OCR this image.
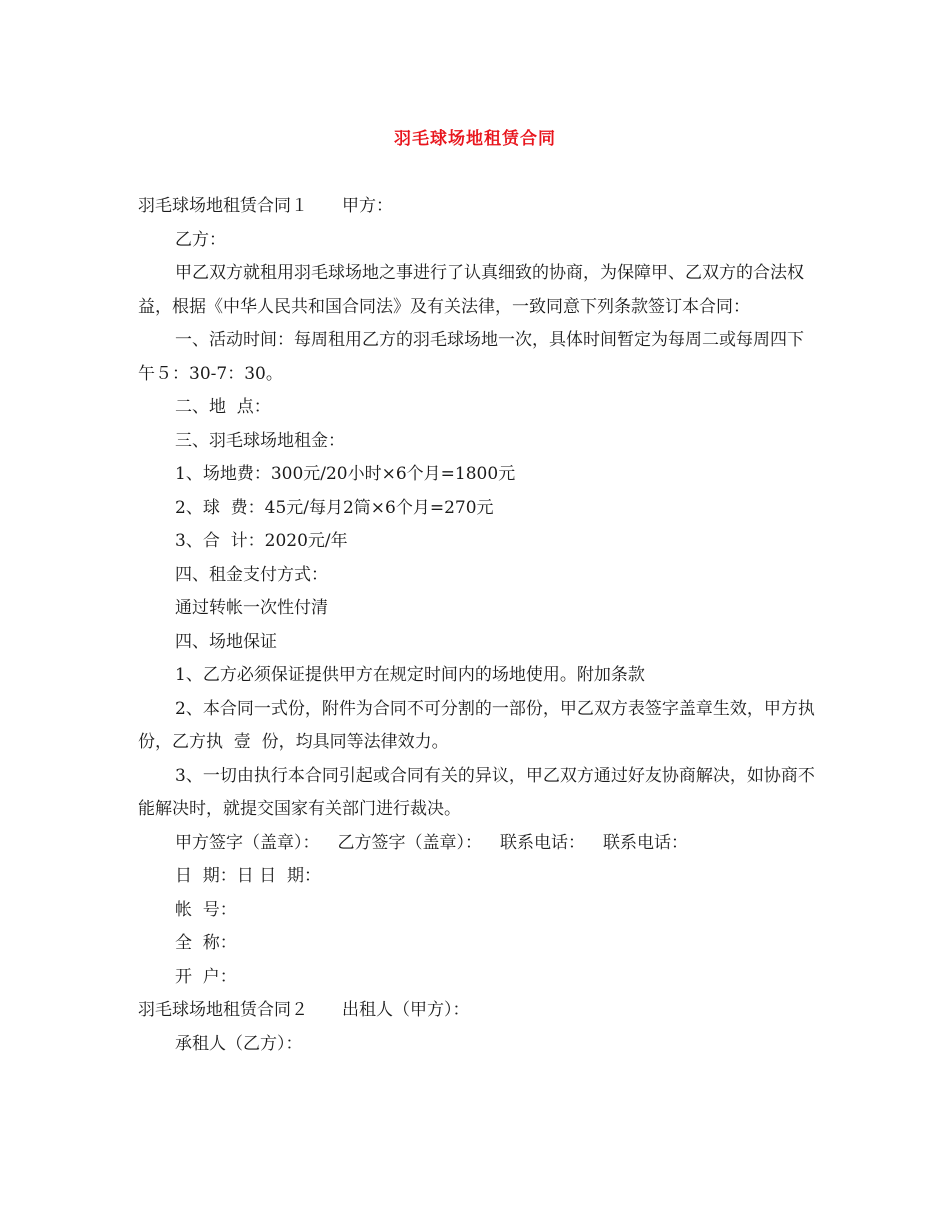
羽毛球场地租赁合同

羽毛球场地租赁合同１　　甲方：

乙方：

甲乙双方就租用羽毛球场地之事进行了认真细致的协商，为保障甲、乙双方的合法权益，根据《中华人民共和国合同法》及有关法律，一致同意下列条款签订本合同：

一、活动时间：每周租用乙方的羽毛球场地一次，具体时间暂定为每周二或每周四下午５：30-7：30。

二、地  点：

三、羽毛球场地租金：

1、场地费：300元/20小时×6个月=1800元

2、球  费：45元/每月2筒×6个月=270元

3、合  计：2020元/年

四、租金支付方式：

通过转帐一次性付清

四、场地保证

1、乙方必须保证提供甲方在规定时间内的场地使用。附加条款

2、本合同一式份，附件为合同不可分割的一部份，甲乙双方表签字盖章生效，甲方执份，乙方执  壹  份，均具同等法律效力。

3、一切由执行本合同引起或合同有关的异议，甲乙双方通过好友协商解决，如协商不能解决时，就提交国家有关部门进行裁决。

甲方签字（盖章）： 乙方签字（盖章）： 联系电话： 联系电话：

日  期：日 日  期：

帐  号：

全  称：

开  户：

羽毛球场地租赁合同２　　出租人（甲方）：

承租人（乙方）：
